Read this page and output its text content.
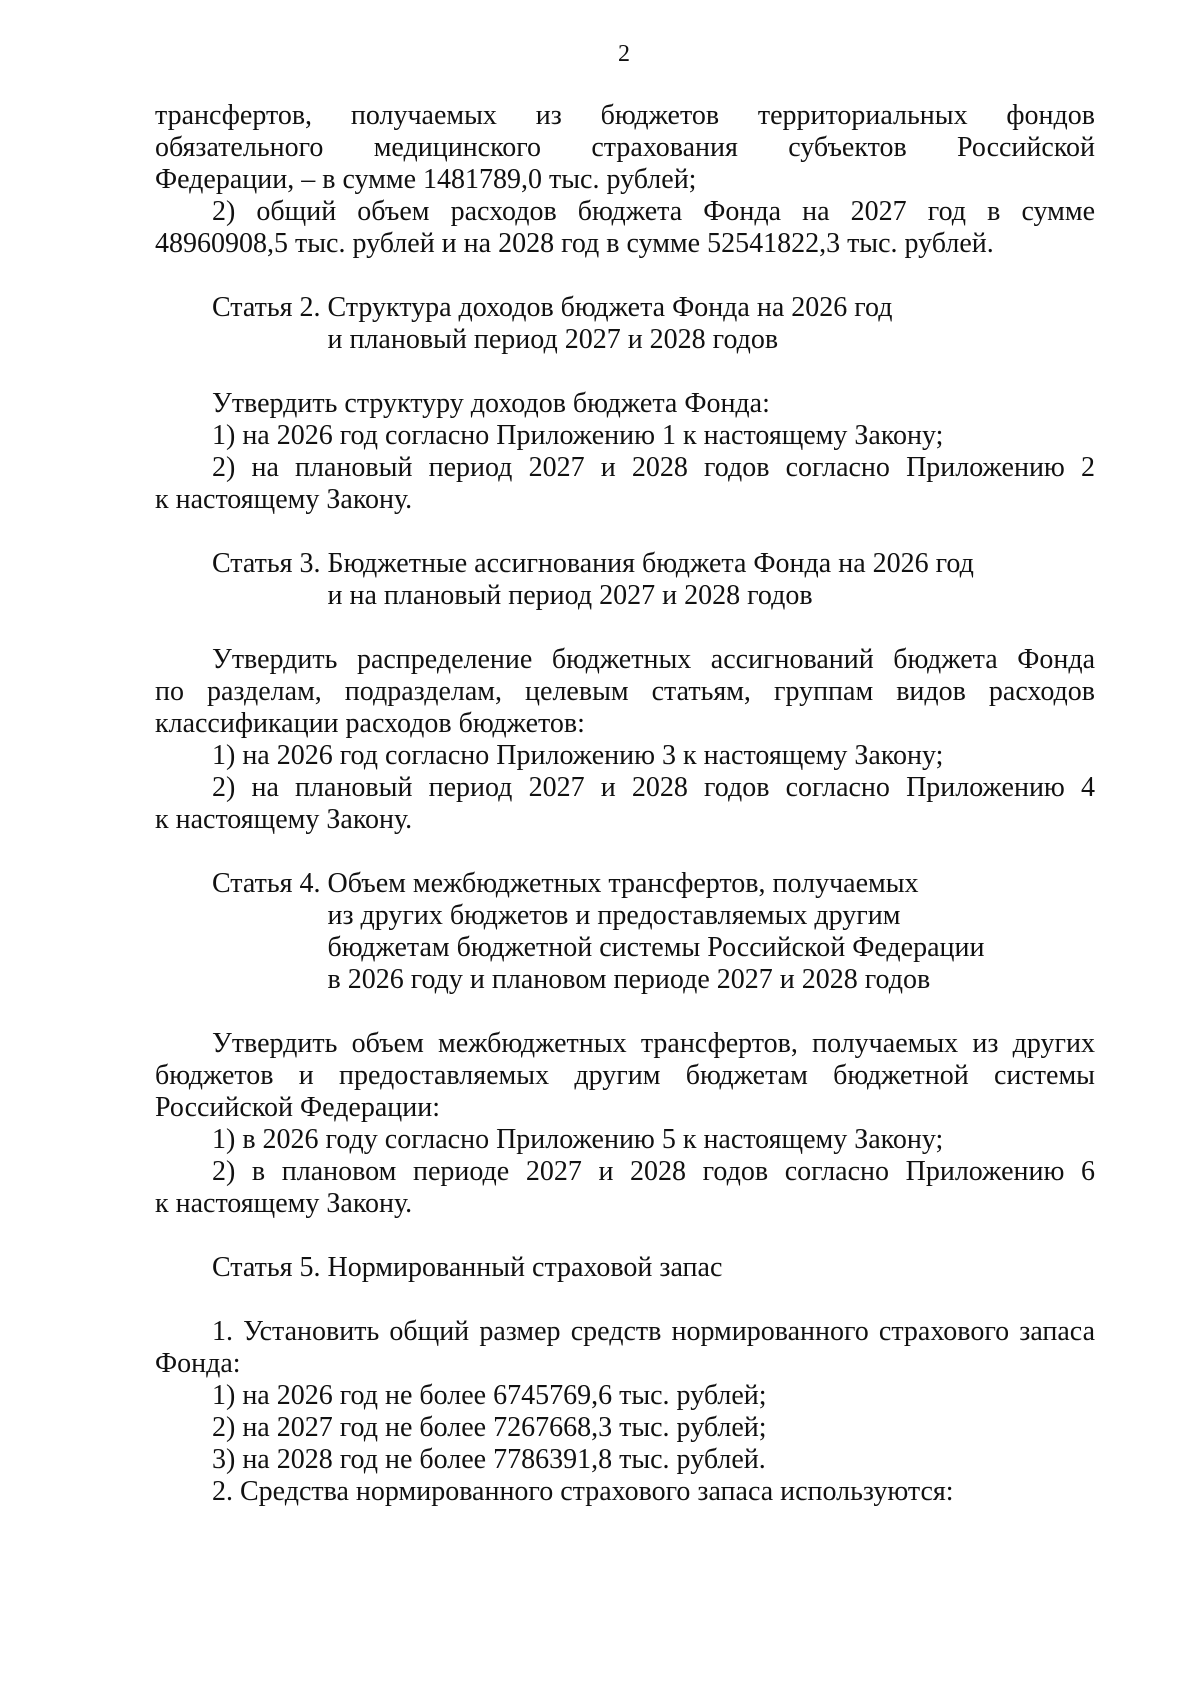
2

трансфертов, получаемых из бюджетов территориальных фондов

обязательного медицинского страхования субъектов Российской

Федерации, – в сумме 1481789,0 тыс. рублей;

2) общий объем расходов бюджета Фонда на 2027 год в сумме

48960908,5 тыс. рублей и на 2028 год в сумме 52541822,3 тыс. рублей.

Статья 2.
Структура доходов бюджета Фонда на 2026 год
и плановый период 2027 и 2028 годов

Утвердить структуру доходов бюджета Фонда:

1) на 2026 год согласно Приложению 1 к настоящему Закону;

2) на плановый период 2027 и 2028 годов согласно Приложению 2

к настоящему Закону.

Статья 3.
Бюджетные ассигнования бюджета Фонда на 2026 год
и на плановый период 2027 и 2028 годов

Утвердить распределение бюджетных ассигнований бюджета Фонда

по разделам, подразделам, целевым статьям, группам видов расходов

классификации расходов бюджетов:

1) на 2026 год согласно Приложению 3 к настоящему Закону;

2) на плановый период 2027 и 2028 годов согласно Приложению 4

к настоящему Закону.

Статья 4.
Объем межбюджетных трансфертов, получаемых
из других бюджетов и предоставляемых другим
бюджетам бюджетной системы Российской Федерации
в 2026 году и плановом периоде 2027 и 2028 годов

Утвердить объем межбюджетных трансфертов, получаемых из других

бюджетов и предоставляемых другим бюджетам бюджетной системы

Российской Федерации:

1) в 2026 году согласно Приложению 5 к настоящему Закону;

2) в плановом периоде 2027 и 2028 годов согласно Приложению 6

к настоящему Закону.

Статья 5.
Нормированный страховой запас

1. Установить общий размер средств нормированного страхового запаса

Фонда:

1) на 2026 год не более 6745769,6 тыс. рублей;

2) на 2027 год не более 7267668,3 тыс. рублей;

3) на 2028 год не более 7786391,8 тыс. рублей.

2. Средства нормированного страхового запаса используются:
